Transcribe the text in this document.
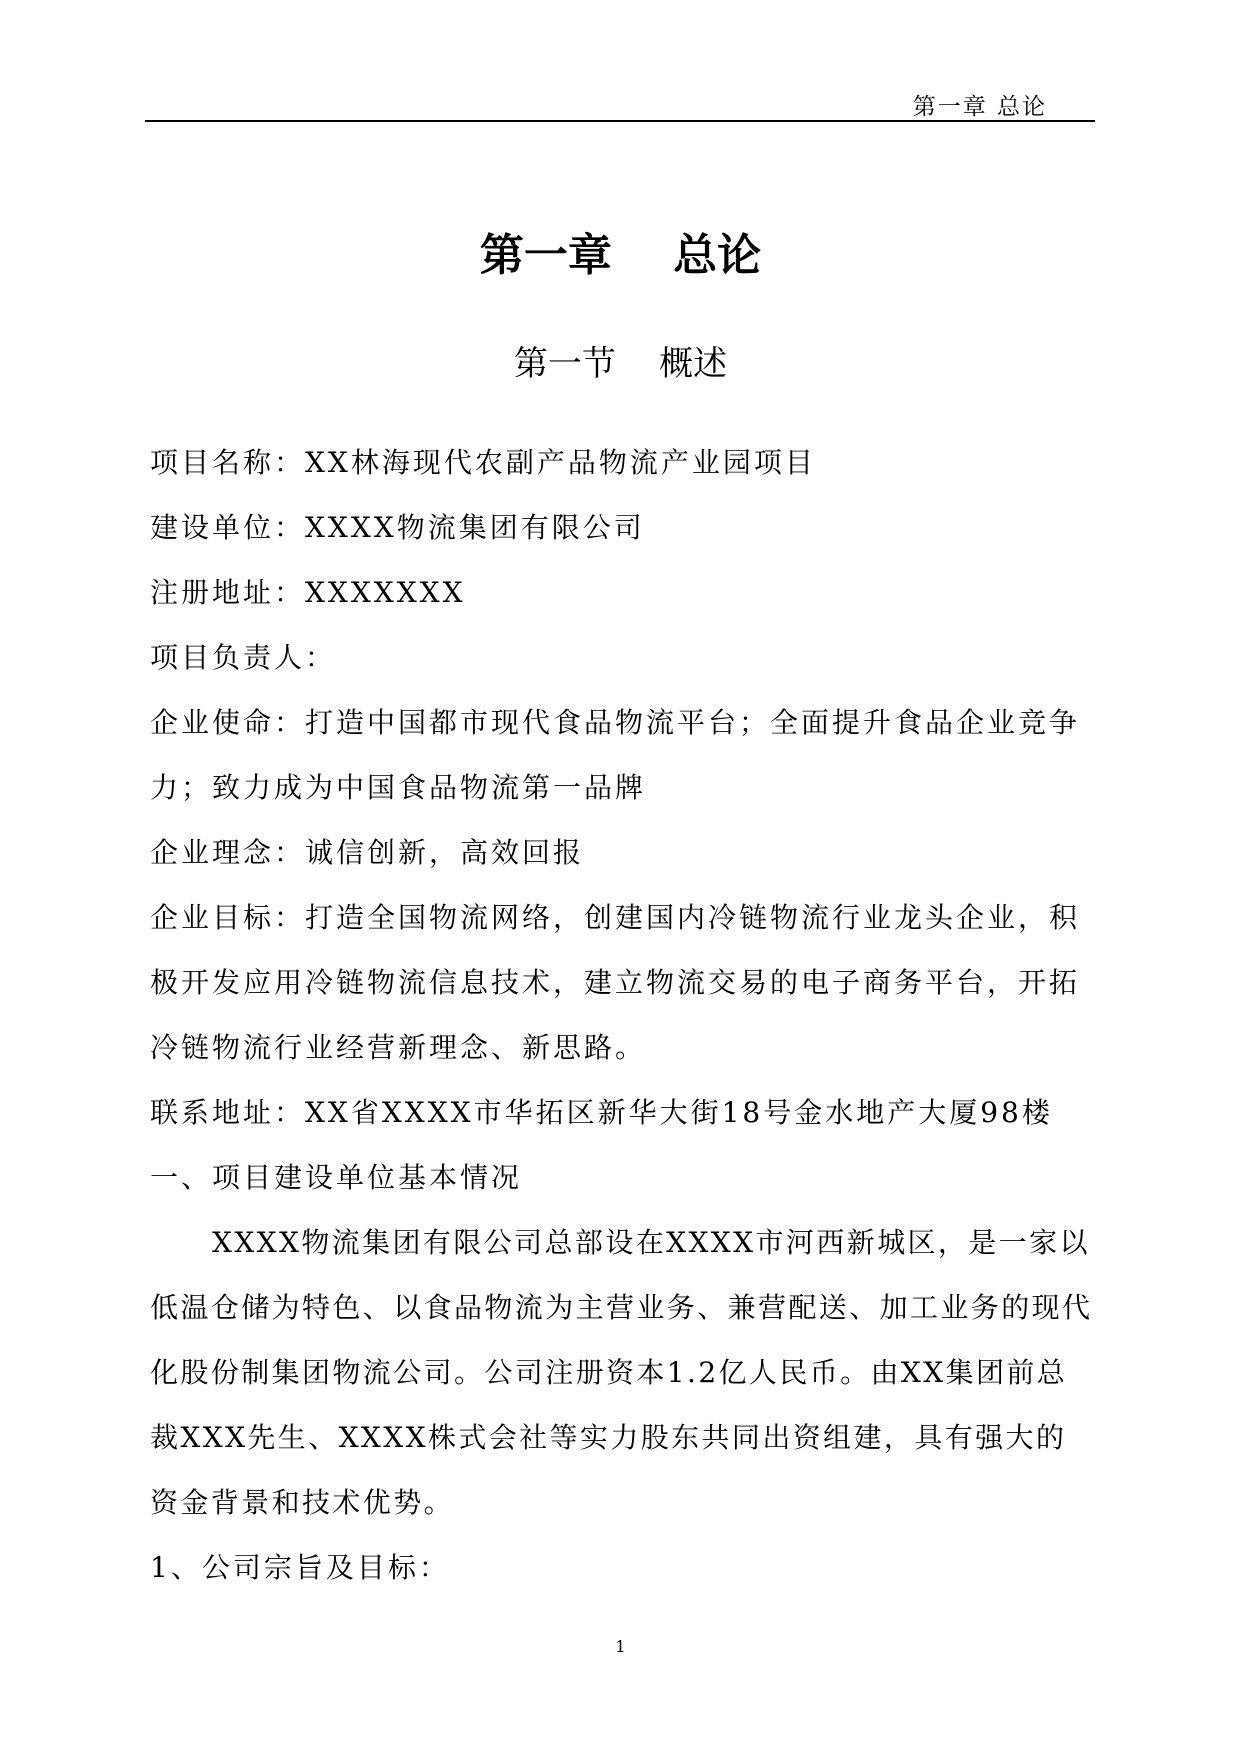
第一章 总论
第一章    总论
第一节    概述

项目名称：XX林海现代农副产品物流产业园项目

建设单位：XXXX物流集团有限公司

注册地址：XXXXXXX

项目负责人：

企业使命：打造中国都市现代食品物流平台；全面提升食品企业竞争力；致力成为中国食品物流第一品牌

企业理念：诚信创新，高效回报

企业目标：打造全国物流网络，创建国内冷链物流行业龙头企业，积极开发应用冷链物流信息技术，建立物流交易的电子商务平台，开拓冷链物流行业经营新理念、新思路。

联系地址：XX省XXXX市华拓区新华大街18号金水地产大厦98楼

一、项目建设单位基本情况

XXXX物流集团有限公司总部设在XXXX市河西新城区，是一家以低温仓储为特色、以食品物流为主营业务、兼营配送、加工业务的现代化股份制集团物流公司。公司注册资本1.2亿人民币。由XX集团前总裁XXX先生、XXXX株式会社等实力股东共同出资组建，具有强大的资金背景和技术优势。

1、公司宗旨及目标：

1
